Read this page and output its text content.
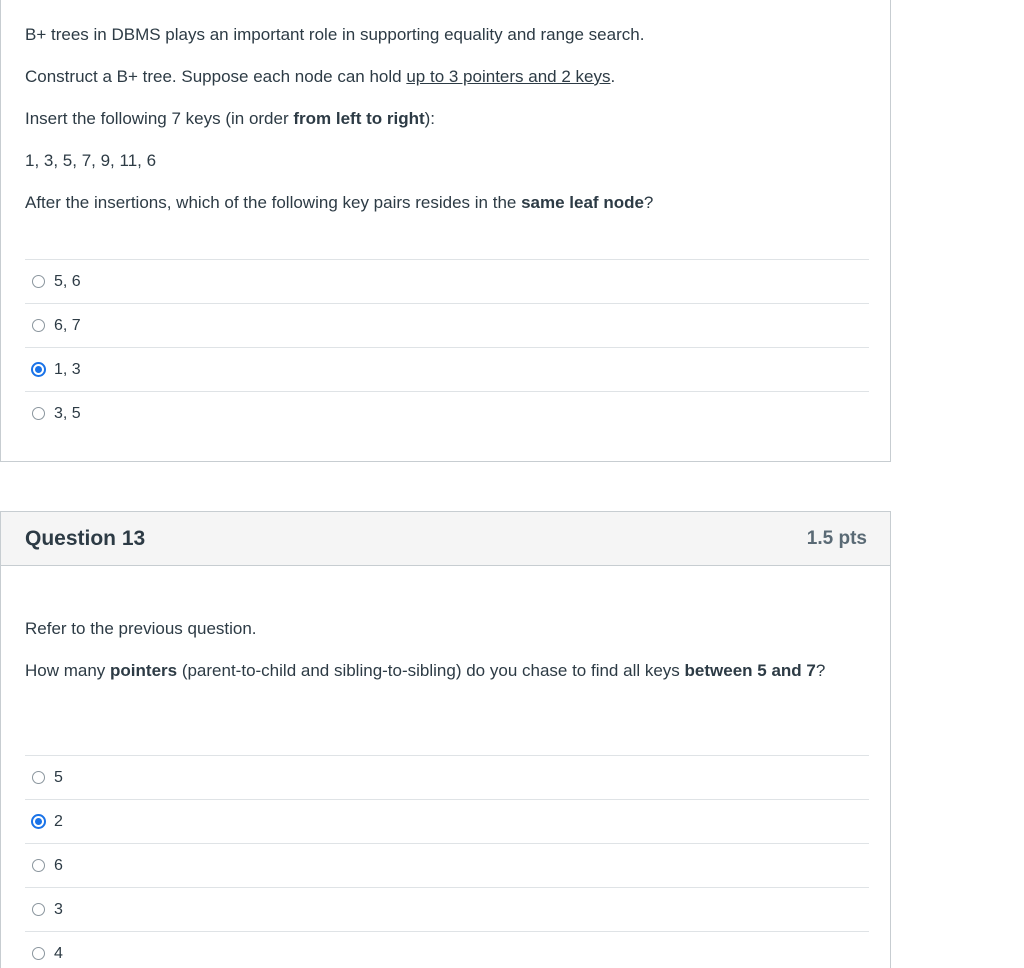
B+ trees in DBMS plays an important role in supporting equality and range search.

Construct a B+ tree. Suppose each node can hold up to 3 pointers and 2 keys.

Insert the following 7 keys (in order from left to right):

1, 3, 5, 7, 9, 11, 6

After the insertions, which of the following key pairs resides in the same leaf node?

5, 6
6, 7
1, 3
3, 5
Question 13	1.5 pts

Refer to the previous question.

How many pointers (parent-to-child and sibling-to-sibling) do you chase to find all keys between 5 and 7?

5
2
6
3
4
